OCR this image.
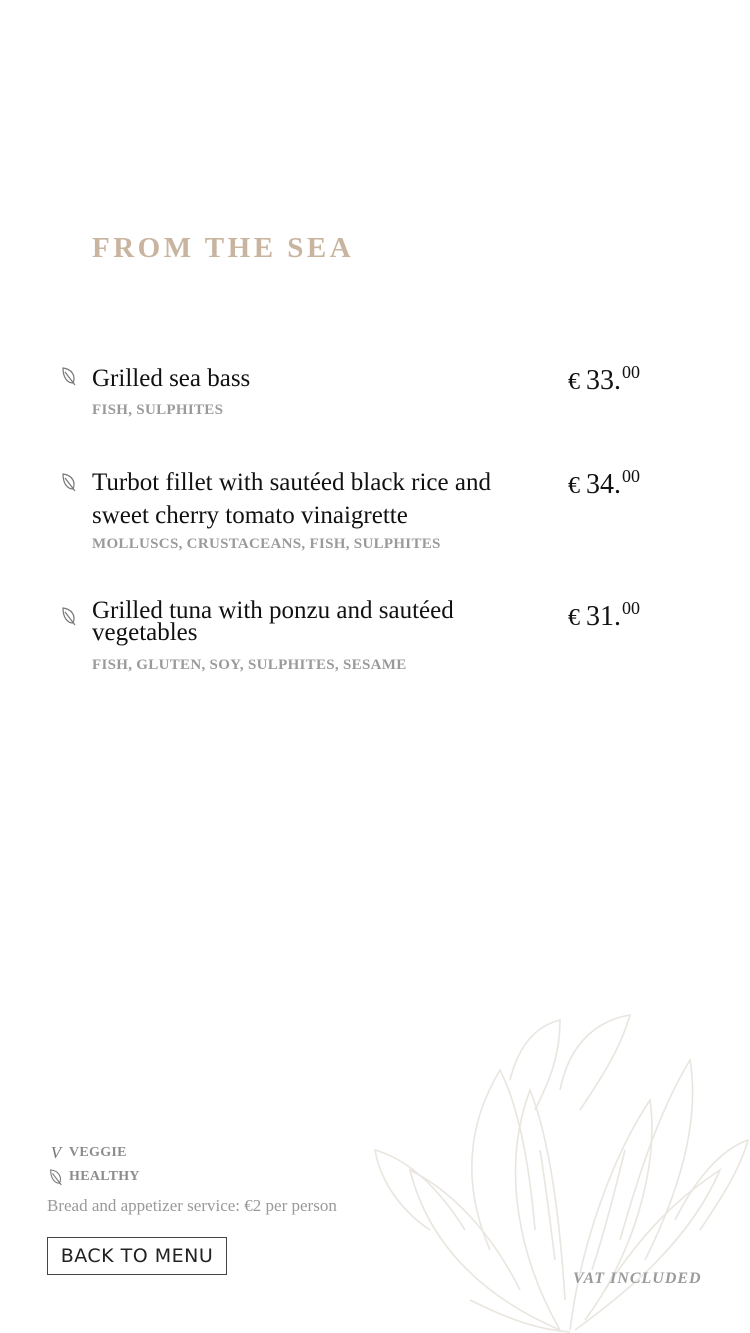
FROM THE SEA
Grilled sea bass
FISH, SULPHITES
€ 33.00
Turbot fillet with sautéed black rice and sweet cherry tomato vinaigrette
MOLLUSCS, CRUSTACEANS, FISH, SULPHITES
€ 34.00
Grilled tuna with ponzu and sautéed vegetables
FISH, GLUTEN, SOY, SULPHITES, SESAME
€ 31.00
V VEGGIE
HEALTHY
Bread and appetizer service: €2 per person
BACK TO MENU
VAT INCLUDED
